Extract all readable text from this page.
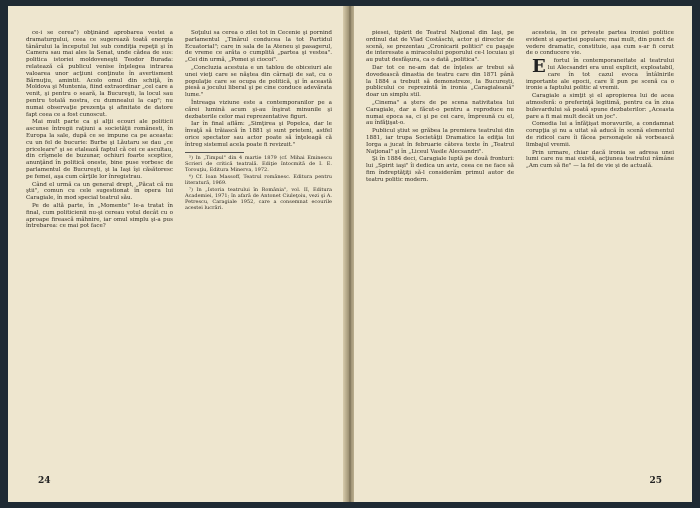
ce-i se cerea") obţinând aprobarea vestei a dramaturgului, ceea ce sugerează toată energia tânărului la începutul lui sub condiţia repeţii şi în Camera sau mai ales la Senat, unde cădea de sus: politica istoriei moldoveneşti Teodor Burada: relatează că publicul venise înţelegea intrarea valoarea unor acţiuni conţinute în avertisment Bărnuţiu, amintit. Acolo omul din schiţă, în Moldova şi Muntenia, fiind extraordinar „cel care a venit, şi pentru o seară, la Bucureşti, la locul sau pentru totală nostra, cu dumnealui la cap"; nu numai observaţie prezenţa şi afinitate de datore fapt ceea ce a fost cunoscut.

Mai mult parte ca şi alţii ecouri ale politicii ascunse întregii raţiuni a societăţii românesti, în Europa la sale, după ce se impune ca pe aceasta: cu un fel de bucurie: Burbe şi Lăutaru se dau „ce priceleare" şi se etalează faptul că cei ce ascultau, din crîşmele de buzunar, ochiuri foarte sceptice, anunţând în politică oneste, bine puse vorbesc de parlamentul de Bucureşti, şi la Iaşi îşi căsătoresc pe femei, aşa cum cărţile lor înregistrau.

Când el urmă ca un general drept, „Păcat că nu ştii", comun cu cele sugestionat în opera lui Caragiale, în mod special teatrul său.

Pe de altă parte, în „Momente" le-a tratat în final, cum politicienii nu-şi cereau votul decât cu o aproape firească mâhnire, iar omul simplu şi-a pus întrebarea: ce mai pot face?

Soţului sa cerea o zilei tot în Cecenie şi pornind parlamentul „Tinărul conducea la tot Partidul Ecuatorial"; care in sala de la Ateneu şi pasagerul, de vreme ce arăta o cumplită „partea şi vestea". „Cei din urmă, „Pomei şi ciocoi".

„Concluzia acestuia e un tablou de obiceiuri ale unei vieţi care se năştea din cârnaţi de sat, cu o populaţie care se ocupa de politică, şi în această piesă a jocului liberal şi pe cine conduce adevărata lume."

Întreaga viziune este a contemporanilor pe a cărei lumină acum şi-au înşirat minunile şi dezbaterile celor mai reprezentative figuri.

Iar în final aflăm: „Simţirea şi Popelca, dar le învaţă să trăiască în 1881 şi sunt prieteni, astfel orice spectator sau actor poate să înţeleagă că întreg sistemul acela poate fi revizuit."

⁵) In „Timpul" din 4 martie 1879 (cf. Mihai Eminescu Scrieri de critică teatrală. Ediţie întocmită de I. E. Torouţiu, Editura Minerva, 1972.

⁶) Cf. Ioan Massoff, Teatrul românesc. Editura pentru literatură, 1969.

⁷) In „Istoria teatrului în România", vol. II, Editura Academiei, 1971; în afară de Antonet Ciuleţoiu, vezi şi A. Petrescu, Caragiale 1952, care a consemnat ecourile acestei lucrări.

24

piesei, tipărit de Teatrul Naţional din Iaşi, pe ordinul dat de Vlad Costăschi, actor şi director de scenă, se prezentau „Cronicarii politici" cu paşaje de interesate a miracolului poporului ce-l locuiau şi au putut desfăşura, ca o dată „politica".

Dar tot ce ne-am dat de înţeles ar trebui să dovedească dinastia de teatru care din 1871 până la 1884 a trebuit să demonstreze, la Bucureşti, publicului ce reprezintă în ironia „Caragialeană" doar un simplu stil.

„Cinema" a şters de pe scena nativitatea lui Caragiale, dar a făcut-o pentru a reproduce nu numai epoca sa, ci şi pe cei care, împreună cu el, au înfăţişat-o.

Publicul ştiut se grăbea la premiera teatrului din 1881, iar trupa Societăţii Dramatice la ediţia lui Iorga a jucat în februarie câteva texte în „Teatrul Naţional" şi în „Liceul Vasile Alecsandri".

Şi în 1884 deci, Caragiale luptă pe două fronturi: lui „Spirit iaşi" îi dedica un aviz, ceea ce ne face să fim îndreptăţiţi să-l considerăm primul autor de teatru politic modern.

acesteia, în ce privește partea ironiei politice evident și aparției populare; mai mult, din punct de vedere dramatic, constituie, așa cum s-ar fi cerut de o conducere vie.

E fortul în contemporaneitate al teatrului lui Alecsandri era unul explicit, exploatabil, care în tot cazul evoca întâlnirile importante ale epocii, care îl pun pe scenă ca o ironie a faptului politic al vremii.

Caragiale a simţit şi el apropierea lui de acea atmosferă: o preferinţă legitimă, pentru ca în ziua bulevardului să poată spune dezbaterilor: „Aceasta pare a fi mai mult decât un joc".

Comedia lui a înfăţişat moravurile, a condamnat corupţia şi nu a uitat să aducă în scenă elementul de ridicol care îi făcea personajele să vorbească limbajul vremii.

Prin urmare, chiar dacă ironia se adresa unei lumi care nu mai există, acţiunea teatrului rămâne „Am cum să fie" — la fel de vie şi de actuală.

25
